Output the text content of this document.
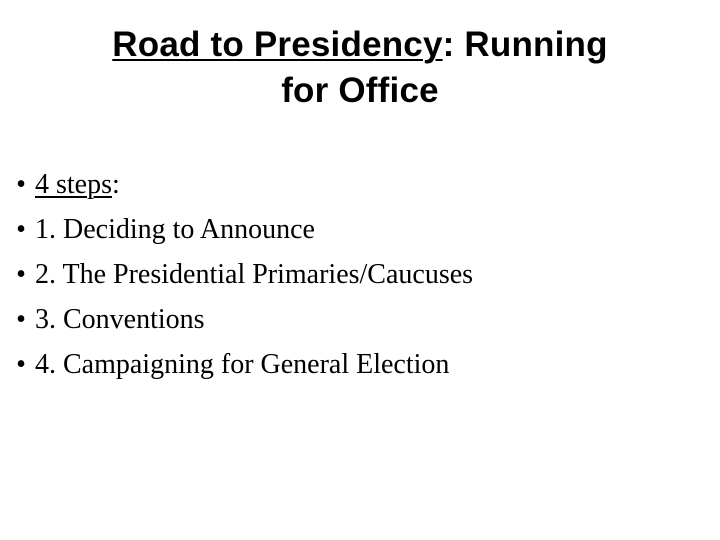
Road to Presidency: Running
for Office
• 4 steps:
• 1. Deciding to Announce
• 2. The Presidential Primaries/Caucuses
• 3. Conventions
• 4. Campaigning for General Election
